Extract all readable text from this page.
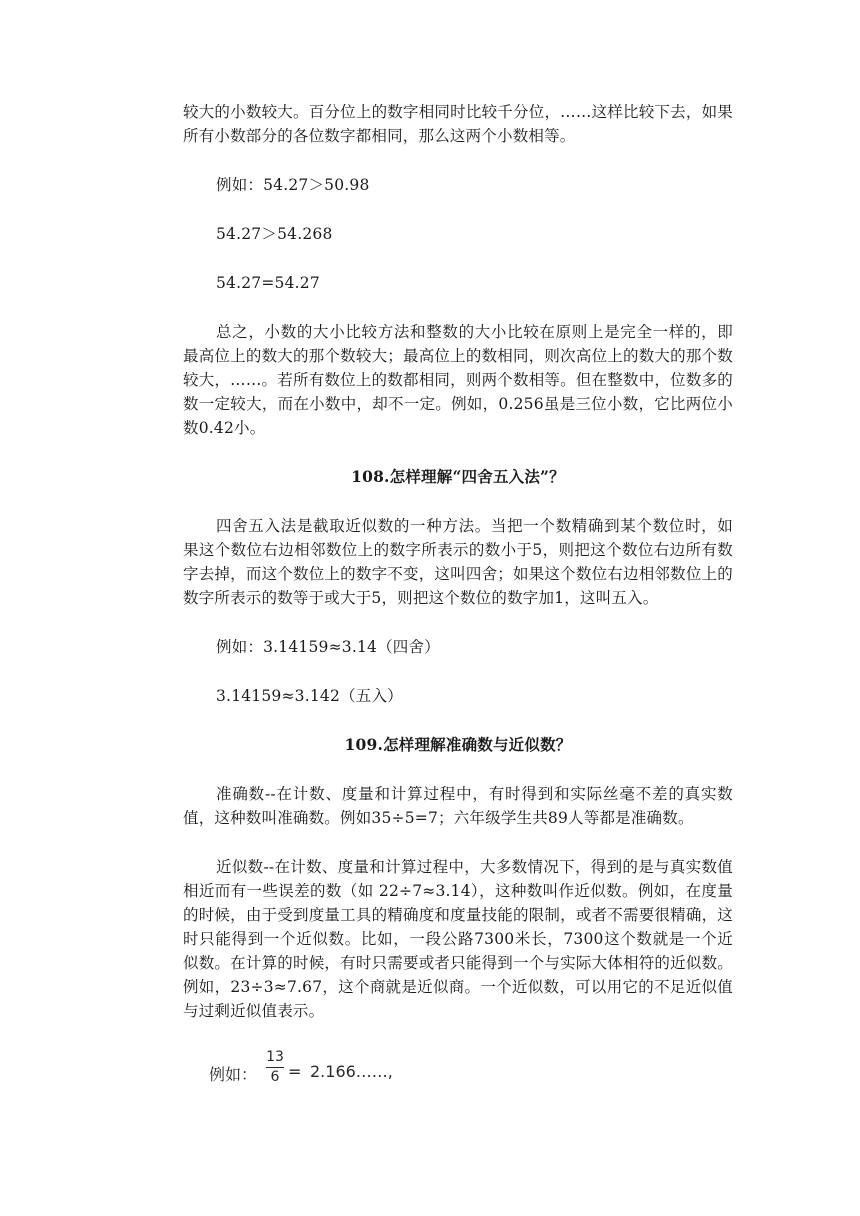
较大的小数较大。百分位上的数字相同时比较千分位，……这样比较下去，如果所有小数部分的各位数字都相同，那么这两个小数相等。

例如：54.27＞50.98

54.27＞54.268

54.27=54.27

总之，小数的大小比较方法和整数的大小比较在原则上是完全一样的，即最高位上的数大的那个数较大；最高位上的数相同，则次高位上的数大的那个数较大，……。若所有数位上的数都相同，则两个数相等。但在整数中，位数多的数一定较大，而在小数中，却不一定。例如，0.256虽是三位小数，它比两位小数0.42小。

108.怎样理解“四舍五入法”？

四舍五入法是截取近似数的一种方法。当把一个数精确到某个数位时，如果这个数位右边相邻数位上的数字所表示的数小于5，则把这个数位右边所有数字去掉，而这个数位上的数字不变，这叫四舍；如果这个数位右边相邻数位上的数字所表示的数等于或大于5，则把这个数位的数字加1，这叫五入。

例如：3.14159≈3.14（四舍）

3.14159≈3.142（五入）

109.怎样理解准确数与近似数？

准确数--在计数、度量和计算过程中，有时得到和实际丝毫不差的真实数值，这种数叫准确数。例如35÷5=7；六年级学生共89人等都是准确数。

近似数--在计数、度量和计算过程中，大多数情况下，得到的是与真实数值相近而有一些误差的数（如 22÷7≈3.14），这种数叫作近似数。例如，在度量的时候，由于受到度量工具的精确度和度量技能的限制，或者不需要很精确，这时只能得到一个近似数。比如，一段公路7300米长，7300这个数就是一个近似数。在计算的时候，有时只需要或者只能得到一个与实际大体相符的近似数。例如，23÷3≈7.67，这个商就是近似商。一个近似数，可以用它的不足近似值与过剩近似值表示。

例如：
13
6 = 2.166……,
